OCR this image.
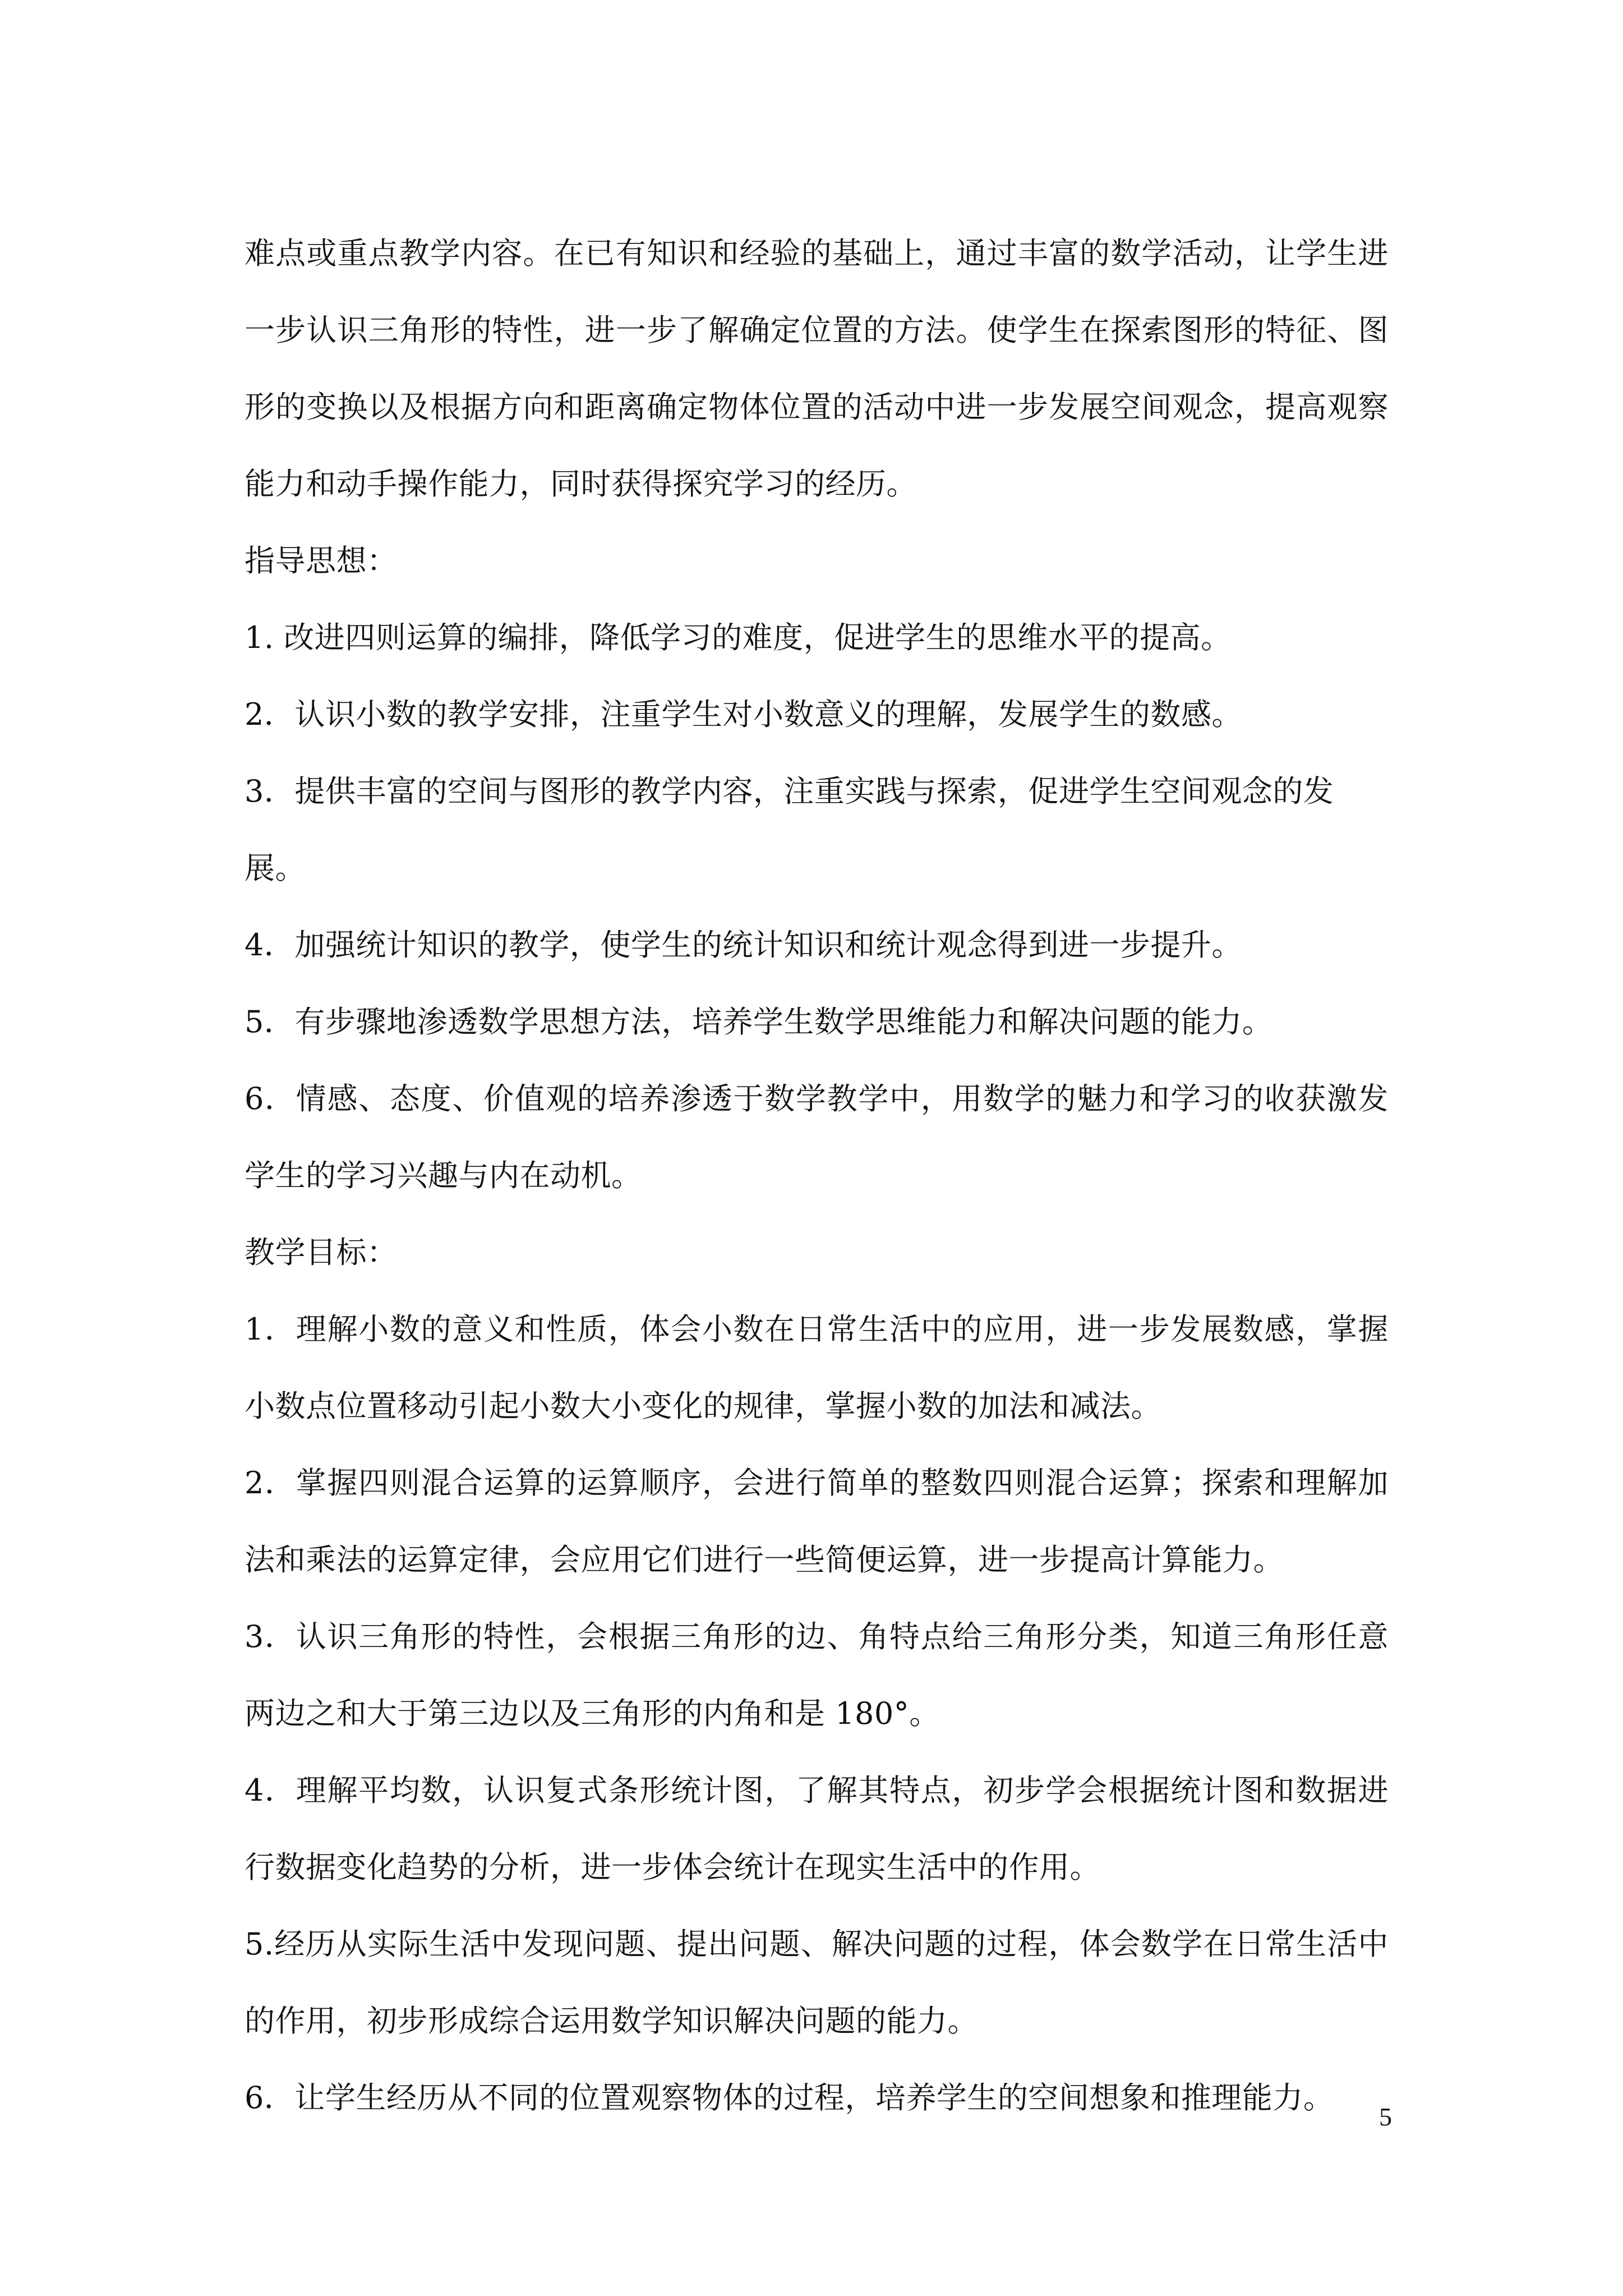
难点或重点教学内容。在已有知识和经验的基础上，通过丰富的数学活动，让学生进一步认识三角形的特性，进一步了解确定位置的方法。使学生在探索图形的特征、图形的变换以及根据方向和距离确定物体位置的活动中进一步发展空间观念，提高观察能力和动手操作能力，同时获得探究学习的经历。

指导思想：

1. 改进四则运算的编排，降低学习的难度，促进学生的思维水平的提高。

2．认识小数的教学安排，注重学生对小数意义的理解，发展学生的数感。

3．提供丰富的空间与图形的教学内容，注重实践与探索，促进学生空间观念的发展。

4．加强统计知识的教学，使学生的统计知识和统计观念得到进一步提升。

5．有步骤地渗透数学思想方法，培养学生数学思维能力和解决问题的能力。

6．情感、态度、价值观的培养渗透于数学教学中，用数学的魅力和学习的收获激发学生的学习兴趣与内在动机。

教学目标：

1．理解小数的意义和性质，体会小数在日常生活中的应用，进一步发展数感，掌握小数点位置移动引起小数大小变化的规律，掌握小数的加法和减法。

2．掌握四则混合运算的运算顺序，会进行简单的整数四则混合运算；探索和理解加法和乘法的运算定律，会应用它们进行一些简便运算，进一步提高计算能力。

3．认识三角形的特性，会根据三角形的边、角特点给三角形分类，知道三角形任意两边之和大于第三边以及三角形的内角和是 180°。

4．理解平均数，认识复式条形统计图，了解其特点，初步学会根据统计图和数据进行数据变化趋势的分析，进一步体会统计在现实生活中的作用。

5.经历从实际生活中发现问题、提出问题、解决问题的过程，体会数学在日常生活中的作用，初步形成综合运用数学知识解决问题的能力。

6．让学生经历从不同的位置观察物体的过程，培养学生的空间想象和推理能力。

5
